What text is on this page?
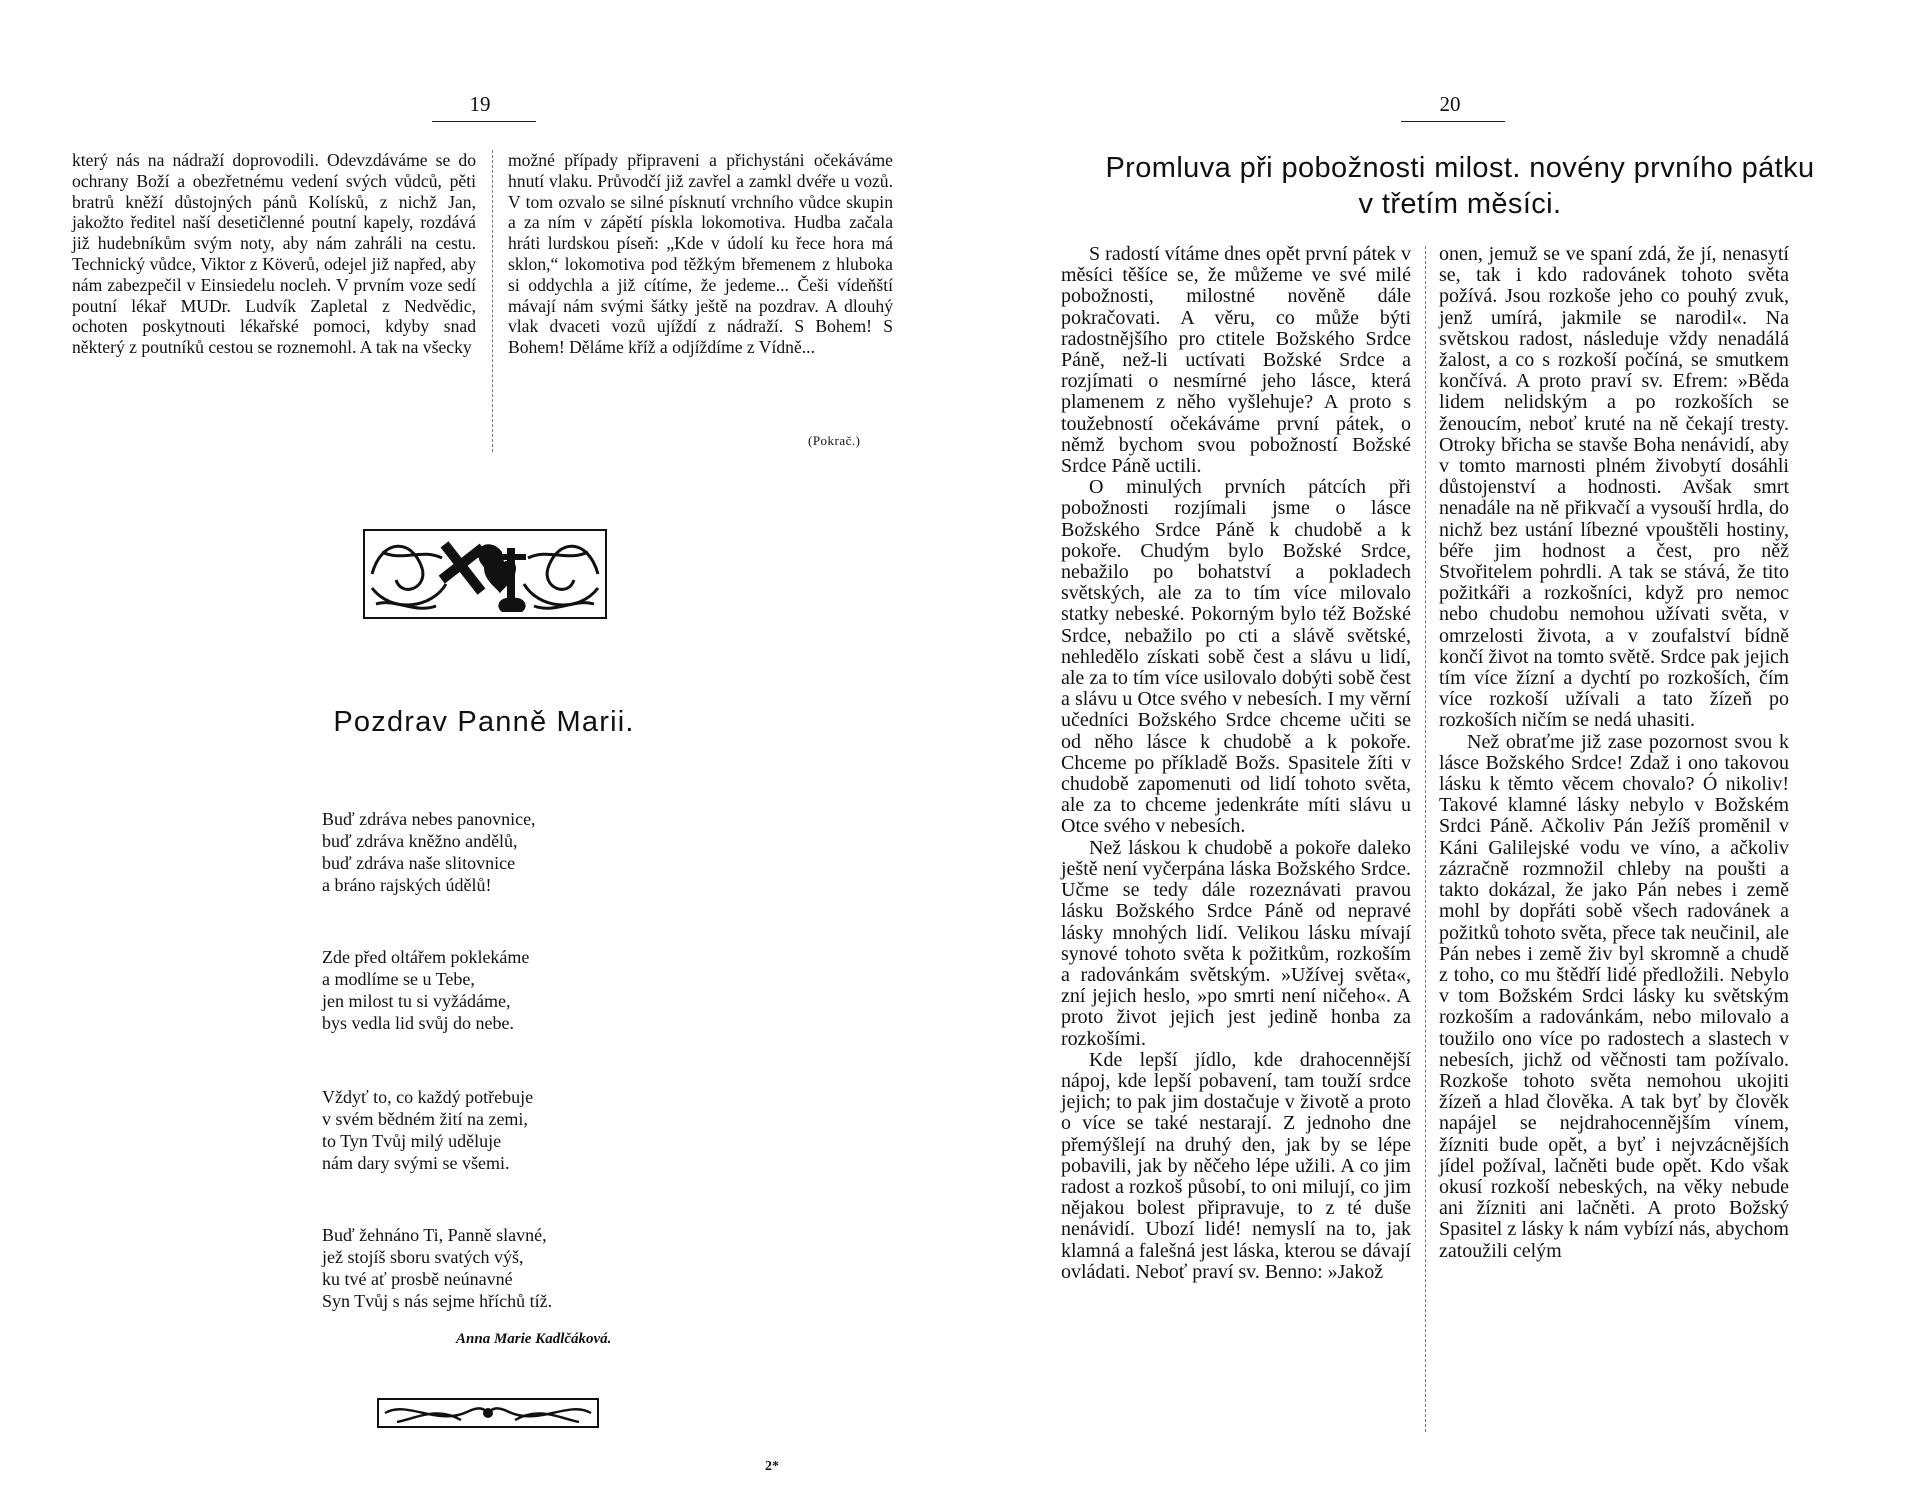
19

který nás na nádraží doprovodili. Odevzdáváme se do ochrany Boží a obezřetnému vedení svých vůdců, pěti bratrů kněží důstojných pánů Kolísků, z nichž Jan, jakožto ředitel naší desetičlenné poutní kapely, rozdává již hudebníkům svým noty, aby nám zahráli na cestu. Technický vůdce, Viktor z Köverů, odejel již napřed, aby nám zabezpečil v Einsiedelu nocleh. V prvním voze sedí poutní lékař MUDr. Ludvík Zapletal z Nedvědic, ochoten poskytnouti lékařské pomoci, kdyby snad některý z poutníků cestou se roznemohl. A tak na všecky

možné případy připraveni a přichystáni očekáváme hnutí vlaku. Průvodčí již zavřel a zamkl dvéře u vozů. V tom ozvalo se silné písknutí vrchního vůdce skupin a za ním v zápětí pískla lokomotiva. Hudba začala hráti lurdskou píseň: „Kde v údolí ku řece hora má sklon,“ lokomotiva pod těžkým břemenem z hluboka si oddychla a již cítíme, že jedeme... Češi vídeňští mávají nám svými šátky ještě na pozdrav. A dlouhý vlak dvaceti vozů ujíždí z nádraží. S Bohem! S Bohem! Děláme kříž a odjíždíme z Vídně...

(Pokrač.)
Pozdrav Panně Marii.
Buď zdráva nebes panovnice,
buď zdráva kněžno andělů,
buď zdráva naše slitovnice
a bráno rajských údělů!
Zde před oltářem poklekáme
a modlíme se u Tebe,
jen milost tu si vyžádáme,
bys vedla lid svůj do nebe.
Vždyť to, co každý potřebuje
v svém bědném žití na zemi,
to Tyn Tvůj milý uděluje
nám dary svými se všemi.
Buď žehnáno Ti, Panně slavné,
jež stojíš sboru svatých výš,
ku tvé ať prosbě neúnavné
Syn Tvůj s nás sejme hříchů tíž.
Anna Marie Kadlčáková.
2*
20
Promluva při pobožnosti milost. novény prvního pátku
v třetím měsíci.

S radostí vítáme dnes opět první pátek v měsíci těšíce se, že můžeme ve své milé pobožnosti, milostné nověně dále pokračovati. A věru, co může býti radostnějšího pro ctitele Božského Srdce Páně, než-li uctívati Božské Srdce a rozjímati o nesmírné jeho lásce, která plamenem z něho vyšlehuje? A proto s toužebností očekáváme první pátek, o němž bychom svou pobožností Božské Srdce Páně uctili.

O minulých prvních pátcích při pobožnosti rozjímali jsme o lásce Božského Srdce Páně k chudobě a k pokoře. Chudým bylo Božské Srdce, nebažilo po bohatství a pokladech světských, ale za to tím více milovalo statky nebeské. Pokorným bylo též Božské Srdce, nebažilo po cti a slávě světské, nehledělo získati sobě čest a slávu u lidí, ale za to tím více usilovalo dobýti sobě čest a slávu u Otce svého v nebesích. I my věrní učedníci Božského Srdce chceme učiti se od něho lásce k chudobě a k pokoře. Chceme po příkladě Božs. Spasitele žíti v chudobě zapomenuti od lidí tohoto světa, ale za to chceme jedenkráte míti slávu u Otce svého v nebesích.

Než láskou k chudobě a pokoře daleko ještě není vyčerpána láska Božského Srdce. Učme se tedy dále rozeznávati pravou lásku Božského Srdce Páně od nepravé lásky mnohých lidí. Velikou lásku mívají synové tohoto světa k požitkům, rozkoším a radovánkám světským. »Užívej světa«, zní jejich heslo, »po smrti není ničeho«. A proto život jejich jest jedině honba za rozkošími.

Kde lepší jídlo, kde drahocennější nápoj, kde lepší pobavení, tam touží srdce jejich; to pak jim dostačuje v životě a proto o více se také nestarají. Z jednoho dne přemýšlejí na druhý den, jak by se lépe pobavili, jak by něčeho lépe užili. A co jim radost a rozkoš působí, to oni milují, co jim nějakou bolest připravuje, to z té duše nenávidí. Ubozí lidé! nemyslí na to, jak klamná a falešná jest láska, kterou se dávají ovládati. Neboť praví sv. Benno: »Jakož

onen, jemuž se ve spaní zdá, že jí, nenasytí se, tak i kdo radovánek tohoto světa požívá. Jsou rozkoše jeho co pouhý zvuk, jenž umírá, jakmile se narodil«. Na světskou radost, následuje vždy nenadálá žalost, a co s rozkoší počíná, se smutkem končívá. A proto praví sv. Efrem: »Běda lidem nelidským a po rozkoších se ženoucím, neboť kruté na ně čekají tresty. Otroky břicha se stavše Boha nenávidí, aby v tomto marnosti plném živobytí dosáhli důstojenství a hodnosti. Avšak smrt nenadále na ně přikvačí a vysouší hrdla, do nichž bez ustání líbezné vpouštěli hostiny, béře jim hodnost a čest, pro něž Stvořitelem pohrdli. A tak se stává, že tito požitkáři a rozkošníci, když pro nemoc nebo chudobu nemohou užívati světa, v omrzelosti života, a v zoufalství bídně končí život na tomto světě. Srdce pak jejich tím více žízní a dychtí po rozkoších, čím více rozkoší užívali a tato žízeň po rozkoších ničím se nedá uhasiti.

Než obraťme již zase pozornost svou k lásce Božského Srdce! Zdaž i ono takovou lásku k těmto věcem chovalo? Ó nikoliv! Takové klamné lásky nebylo v Božském Srdci Páně. Ačkoliv Pán Ježíš proměnil v Káni Galilejské vodu ve víno, a ačkoliv zázračně rozmnožil chleby na poušti a takto dokázal, že jako Pán nebes i země mohl by dopřáti sobě všech radovánek a požitků tohoto světa, přece tak neučinil, ale Pán nebes i země živ byl skromně a chudě z toho, co mu štědří lidé předložili. Nebylo v tom Božském Srdci lásky ku světským rozkoším a radovánkám, nebo milovalo a toužilo ono více po radostech a slastech v nebesích, jichž od věčnosti tam požívalo. Rozkoše tohoto světa nemohou ukojiti žízeň a hlad člověka. A tak byť by člověk napájel se nejdrahocennějším vínem, žízniti bude opět, a byť i nejvzácnějších jídel požíval, lačněti bude opět. Kdo však okusí rozkoší nebeských, na věky nebude ani žízniti ani lačněti. A proto Božský Spasitel z lásky k nám vybízí nás, abychom zatoužili celým
